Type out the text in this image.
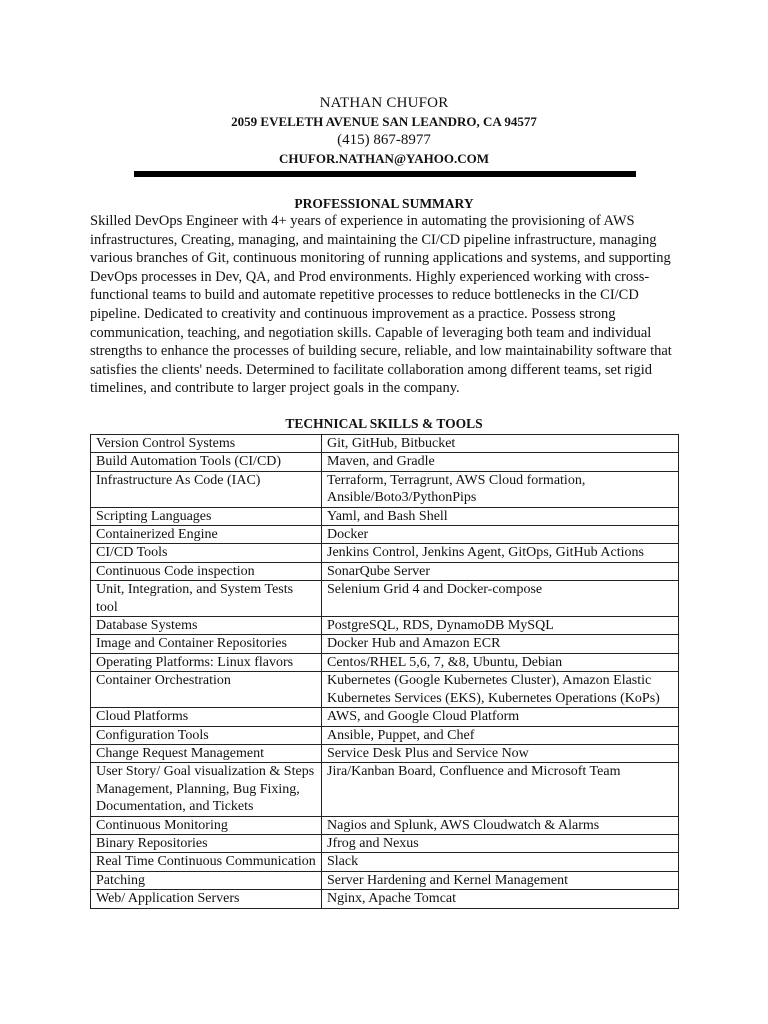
NATHAN CHUFOR
2059 EVELETH AVENUE SAN LEANDRO, CA 94577
(415) 867-8977
CHUFOR.NATHAN@YAHOO.COM
PROFESSIONAL SUMMARY
Skilled DevOps Engineer with 4+ years of experience in automating the provisioning of AWS infrastructures, Creating, managing, and maintaining the CI/CD pipeline infrastructure, managing various branches of Git, continuous monitoring of running applications and systems, and supporting DevOps processes in Dev, QA, and Prod environments. Highly experienced working with cross-functional teams to build and automate repetitive processes to reduce bottlenecks in the CI/CD pipeline. Dedicated to creativity and continuous improvement as a practice. Possess strong communication, teaching, and negotiation skills. Capable of leveraging both team and individual strengths to enhance the processes of building secure, reliable, and low maintainability software that satisfies the clients' needs. Determined to facilitate collaboration among different teams, set rigid timelines, and contribute to larger project goals in the company.
TECHNICAL SKILLS & TOOLS
Version Control Systems	Git, GitHub, Bitbucket
Build Automation Tools (CI/CD)	Maven, and Gradle
Infrastructure As Code (IAC)	Terraform, Terragrunt, AWS Cloud formation, Ansible/Boto3/PythonPips
Scripting Languages	Yaml, and Bash Shell
Containerized Engine	Docker
CI/CD Tools	Jenkins Control, Jenkins Agent, GitOps, GitHub Actions
Continuous Code inspection	SonarQube Server
Unit, Integration, and System Tests tool	Selenium Grid 4 and Docker-compose
Database Systems	PostgreSQL, RDS, DynamoDB MySQL
Image and Container Repositories	Docker Hub and Amazon ECR
Operating Platforms: Linux flavors	Centos/RHEL 5,6, 7, &8, Ubuntu, Debian
Container Orchestration	Kubernetes (Google Kubernetes Cluster), Amazon Elastic Kubernetes Services (EKS), Kubernetes Operations (KoPs)
Cloud Platforms	AWS, and Google Cloud Platform
Configuration Tools	Ansible, Puppet, and Chef
Change Request Management	Service Desk Plus and Service Now
User Story/ Goal visualization & Steps Management, Planning, Bug Fixing, Documentation, and Tickets	Jira/Kanban Board, Confluence and Microsoft Team
Continuous Monitoring	Nagios and Splunk, AWS Cloudwatch & Alarms
Binary Repositories	Jfrog and Nexus
Real Time Continuous Communication	Slack
Patching	Server Hardening and Kernel Management
Web/ Application Servers	Nginx, Apache Tomcat
